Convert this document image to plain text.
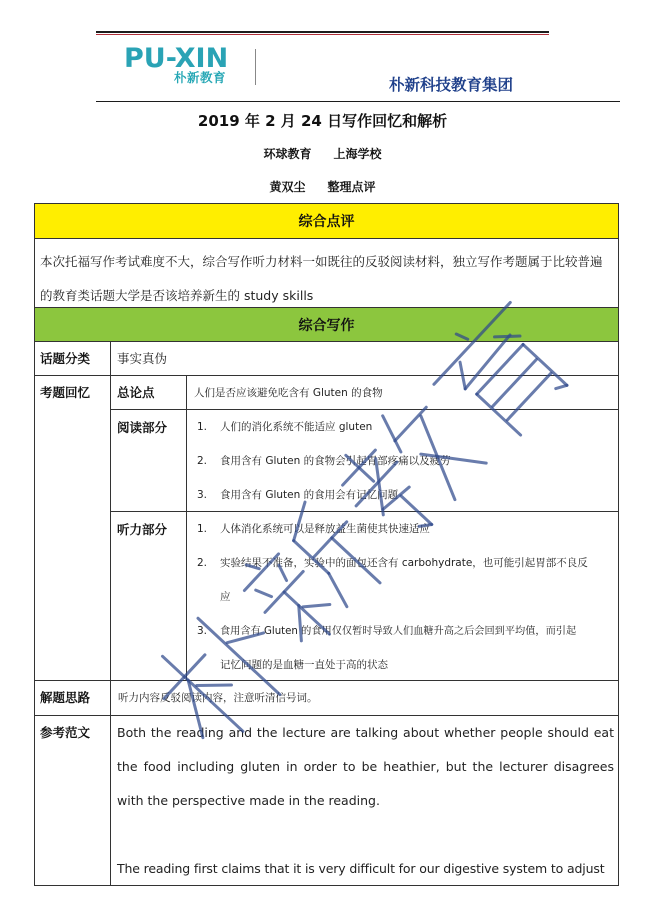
PU-XIN
朴新教育	朴新科技教育集团
2019 年 2 月 24 日写作回忆和解析
环球教育 上海学校
黄双尘 整理点评
综合点评
本次托福写作考试难度不大，综合写作听力材料一如既往的反驳阅读材料，独立写作考题属于比较普遍的教育类话题大学是否该培养新生的 study skills
综合写作
话题分类 事实真伪
考题回忆 总论点	人们是否应该避免吃含有 Gluten 的食物
阅读部分	1. 人们的消化系统不能适应 gluten
2. 食用含有 Gluten 的食物会引起胃部疼痛以及疲劳
3. 食用含有 Gluten 的食用会有记忆问题
听力部分	1. 人体消化系统可以是释放益生菌使其快速适应
2. 实验结果不准备，实验中的面包还含有 carbohydrate，也可能引起胃部不良反
应
3. 食用含有 Gluten 的食用仅仅暂时导致人们血糖升高之后会回到平均值，而引起
记忆问题的是血糖一直处于高的状态
解题思路	听力内容反驳阅读内容，注意听清信号词。
参考范文 Both the reading and the lecture are talking about whether people should eat the food including gluten in order to be heathier, but the lecturer disagrees with the perspective made in the reading.
The reading first claims that it is very difficult for our digestive system to adjust
